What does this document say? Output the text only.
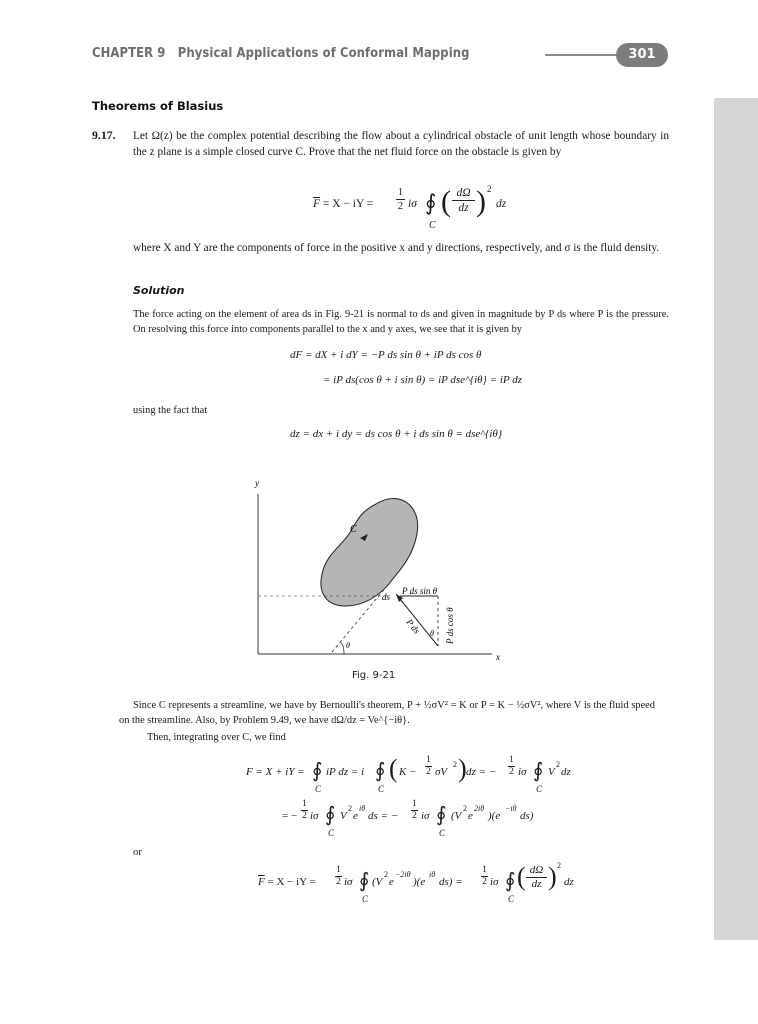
CHAPTER 9 Physical Applications of Conformal Mapping	301
Theorems of Blasius
9.17. Let Ω(z) be the complex potential describing the flow about a cylindrical obstacle of unit length whose boundary in the z plane is a simple closed curve C. Prove that the net fluid force on the obstacle is given by
$\overline{F} = X$ − iY = $\frac{1}{2}$ iσ ∮
C
( $\frac{d\Omega}{dz}$ ) 2
dz
where X and Y are the components of force in the positive x and y directions, respectively, and σ is the fluid density.
Solution
The force acting on the element of area ds in Fig. 9-21 is normal to ds and given in magnitude by P ds where P is the pressure. On resolving this force into components parallel to the x and y axes, we see that it is given by
dF = dX + i dY = −P ds sin θ + iP ds cos θ
= iP ds(cos θ + i sin θ) = iP dse^{iθ} = iP dz
using the fact that
dz = dx + i dy = ds cos θ + i ds sin θ = dse^{iθ}
y
x
C
ds
P ds sin θ
P ds cos θ
P ds θ
θ
Fig. 9-21
Since C represents a streamline, we have by Bernoulli's theorem, P + ½σV² = K or P = K − ½σV², where V is the fluid speed on the streamline. Also, by Problem 9.49, we have dΩ/dz = Ve^{−iθ}.
Then, integrating over C, we find
F = X + iY = ∮
C
iP dz = i ∮
C
( $K - \frac{1}{2}$ σV
2 ) dz = − $\frac{1}{2}$ iσ ∮
C
V
2
dz
= − $\frac{1}{2}$ iσ ∮
C
V
2
e
iθ
ds = − $\frac{1}{2}$ iσ ∮
C
(V
2
e
2iθ
)(e
−iθ
ds)
or
$\overline{F} = X$ − iY = $\frac{1}{2}$ iσ ∮
C
(V
2
e
−2iθ
)(e
iθ
$ds) = \frac{1}{2}$ iσ ∮
C
( dΩ
dz ) 2
dz
